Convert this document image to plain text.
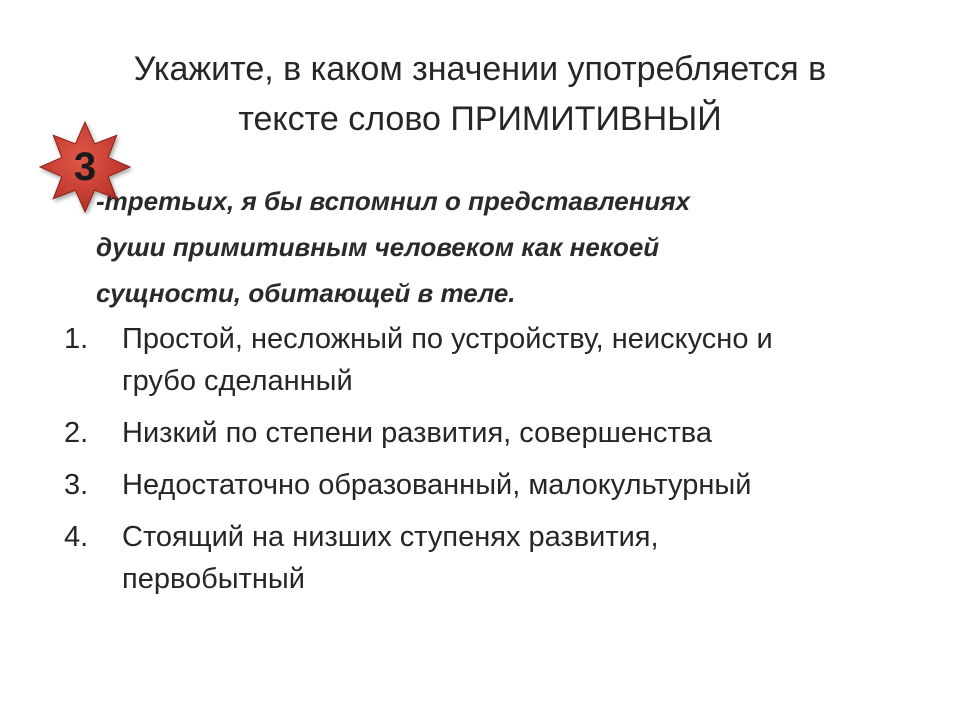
Укажите, в каком значении употребляется в
тексте слово ПРИМИТИВНЫЙ

-третьих, я бы вспомнил о представлениях
души примитивным человеком как некоей
сущности, обитающей в теле.

3
1. Простой, несложный по устройству, неискусно и
грубо сделанный
2. Низкий по степени развития, совершенства
3. Недостаточно образованный, малокультурный
4. Стоящий на низших ступенях развития,
первобытный
